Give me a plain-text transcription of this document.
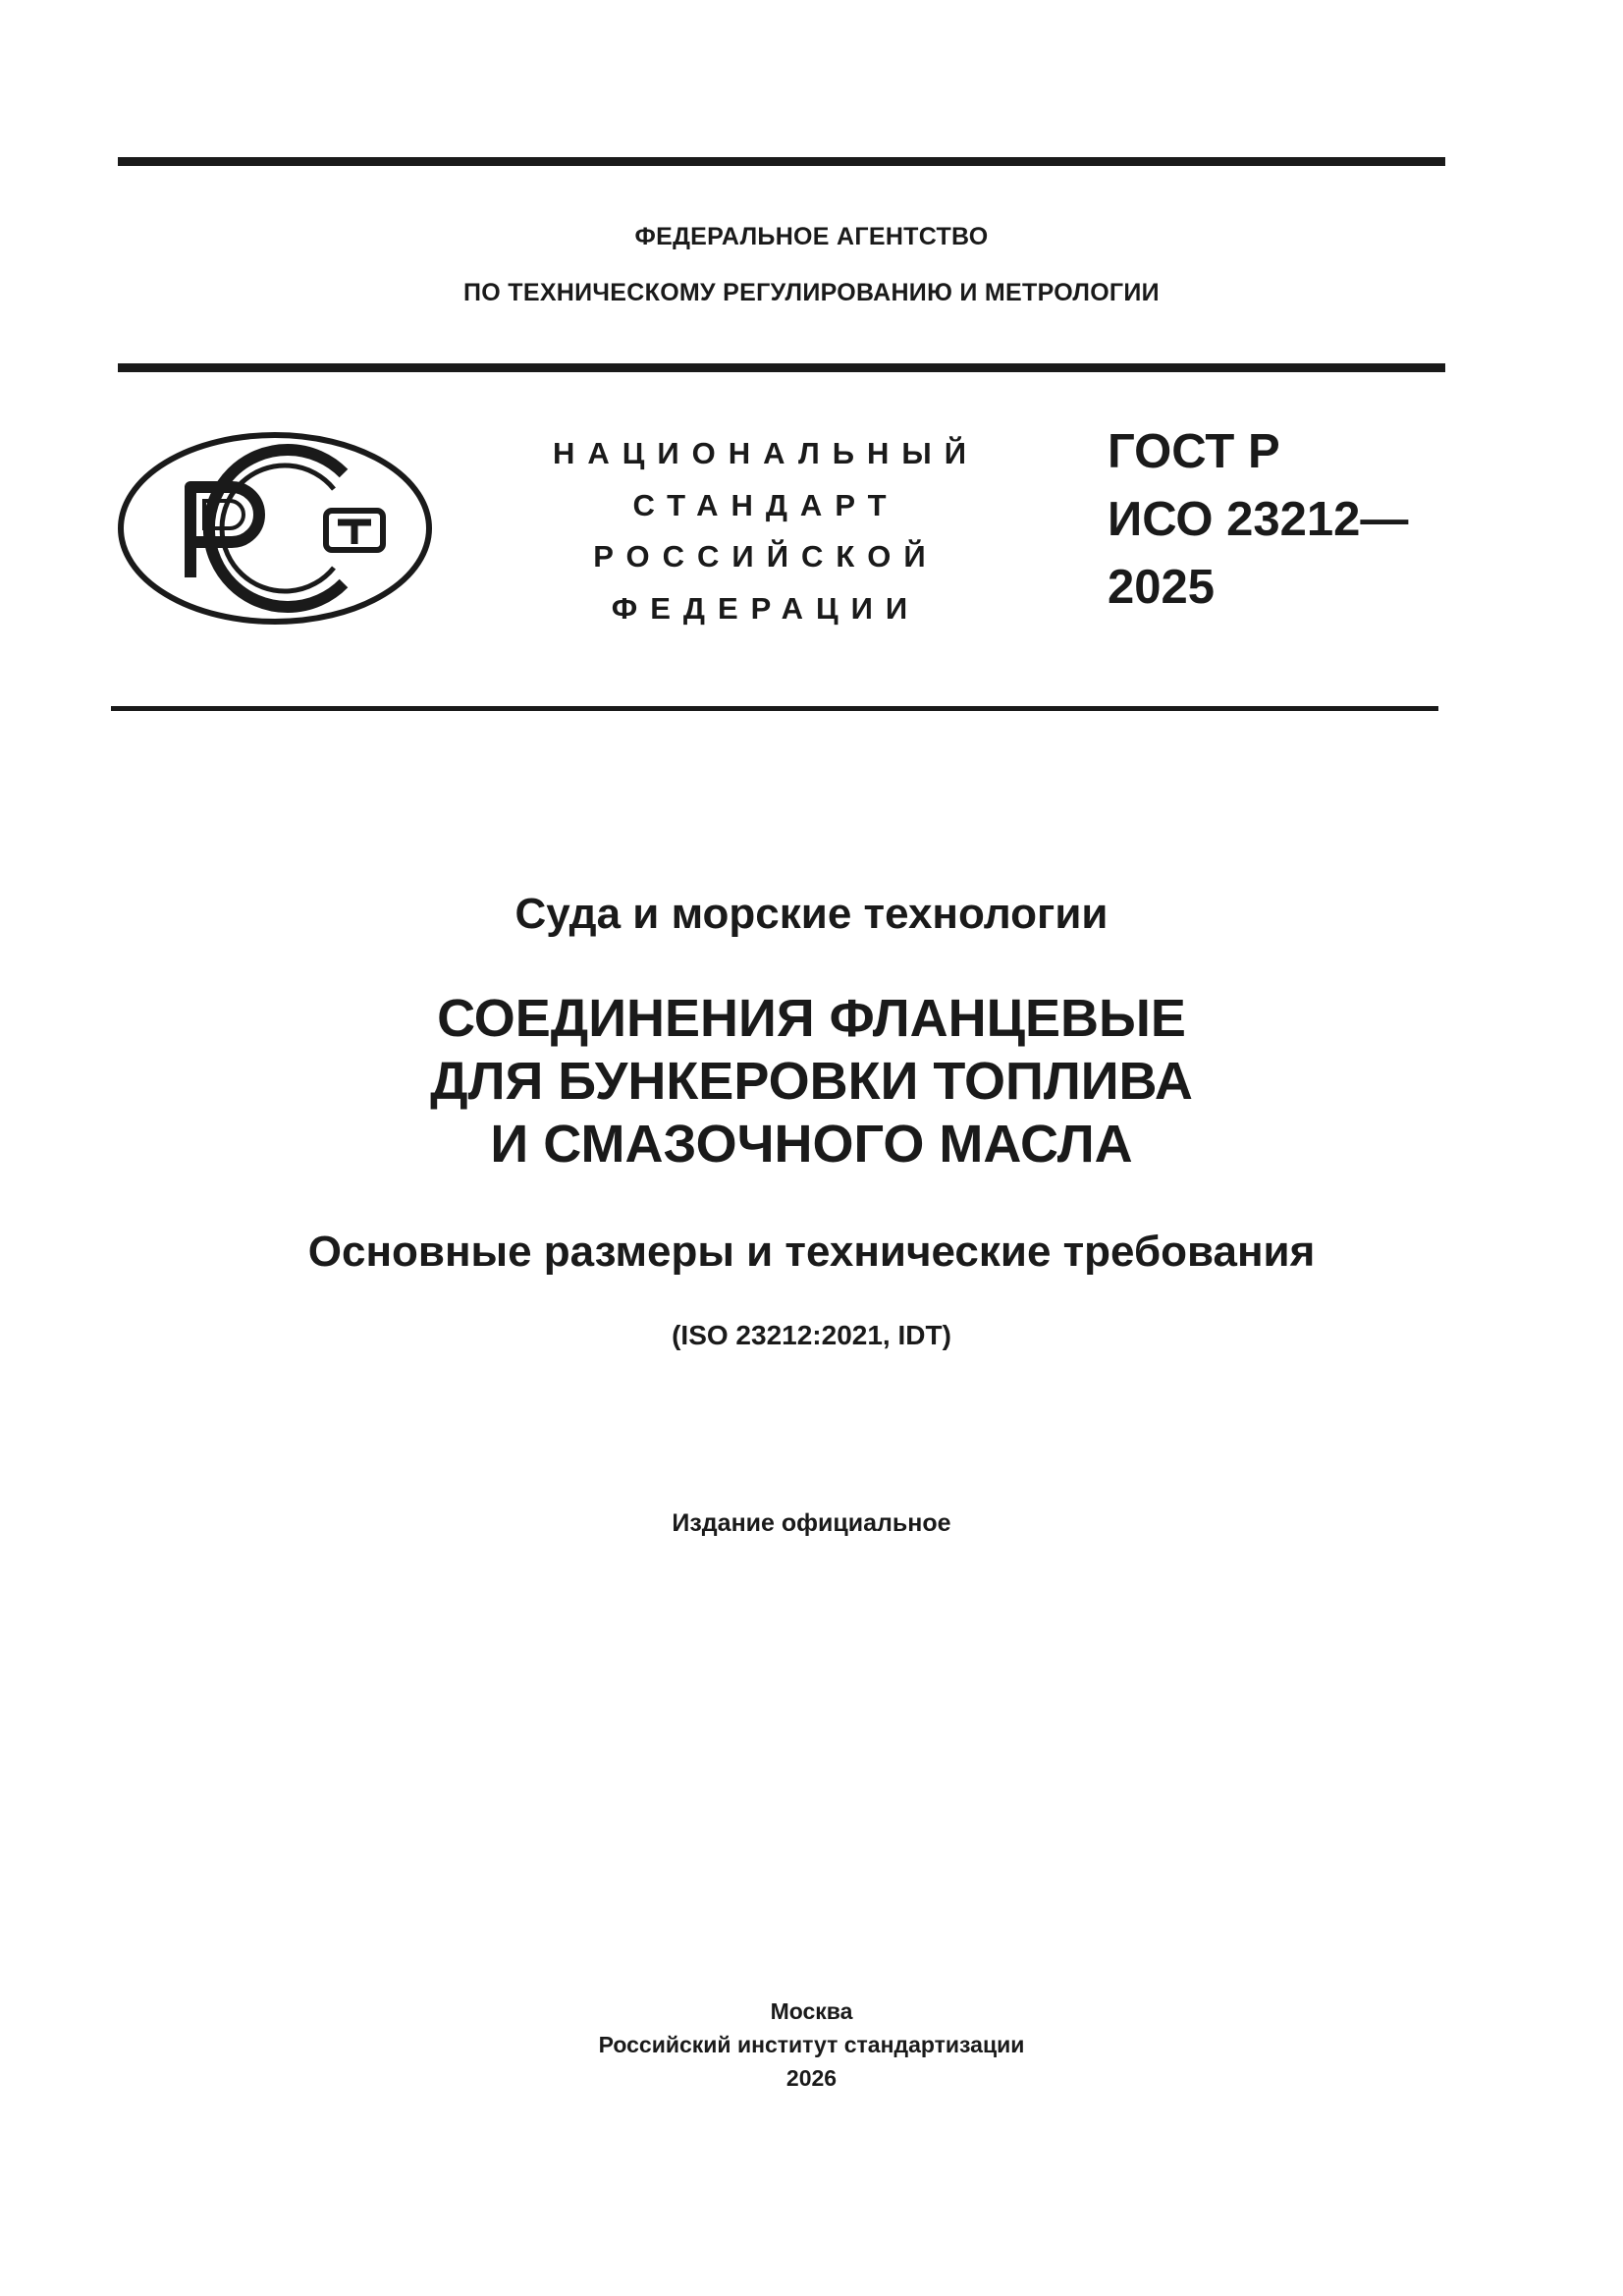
ФЕДЕРАЛЬНОЕ АГЕНТСТВО
ПО ТЕХНИЧЕСКОМУ РЕГУЛИРОВАНИЮ И МЕТРОЛОГИИ
НАЦИОНАЛЬНЫЙ
СТАНДАРТ
РОССИЙСКОЙ
ФЕДЕРАЦИИ
ГОСТ Р
ИСО 23212—
2025
Суда и морские технологии
СОЕДИНЕНИЯ ФЛАНЦЕВЫЕ
ДЛЯ БУНКЕРОВКИ ТОПЛИВА
И СМАЗОЧНОГО МАСЛА
Основные размеры и технические требования
(ISO 23212:2021, IDT)
Издание официальное
Москва
Российский институт стандартизации
2026
